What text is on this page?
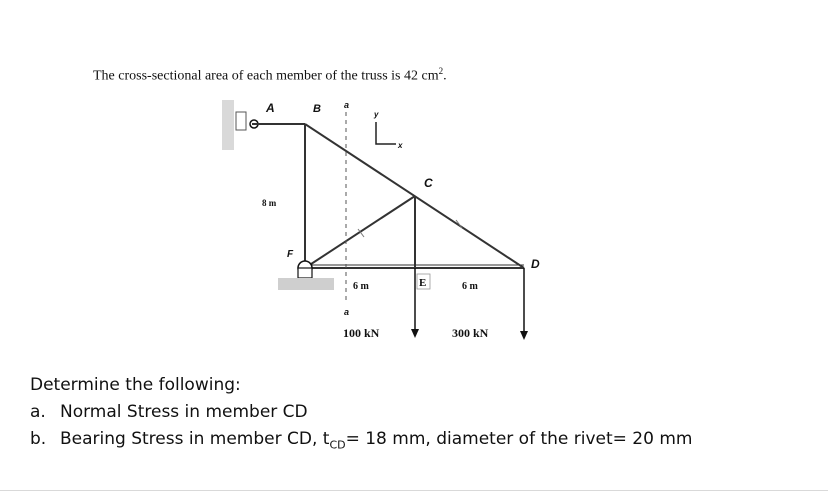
The cross-sectional area of each member of the truss is 42 $cm^2$.
a
a
y
x
A	B
C
D
F
E
8 m
6 m	6 m
100 kN	300 kN
Determine the following:
a. Normal Stress in member CD
b. Bearing Stress in member CD, $t_{CD}= 18$ mm, diameter of the rivet= 20 mm
